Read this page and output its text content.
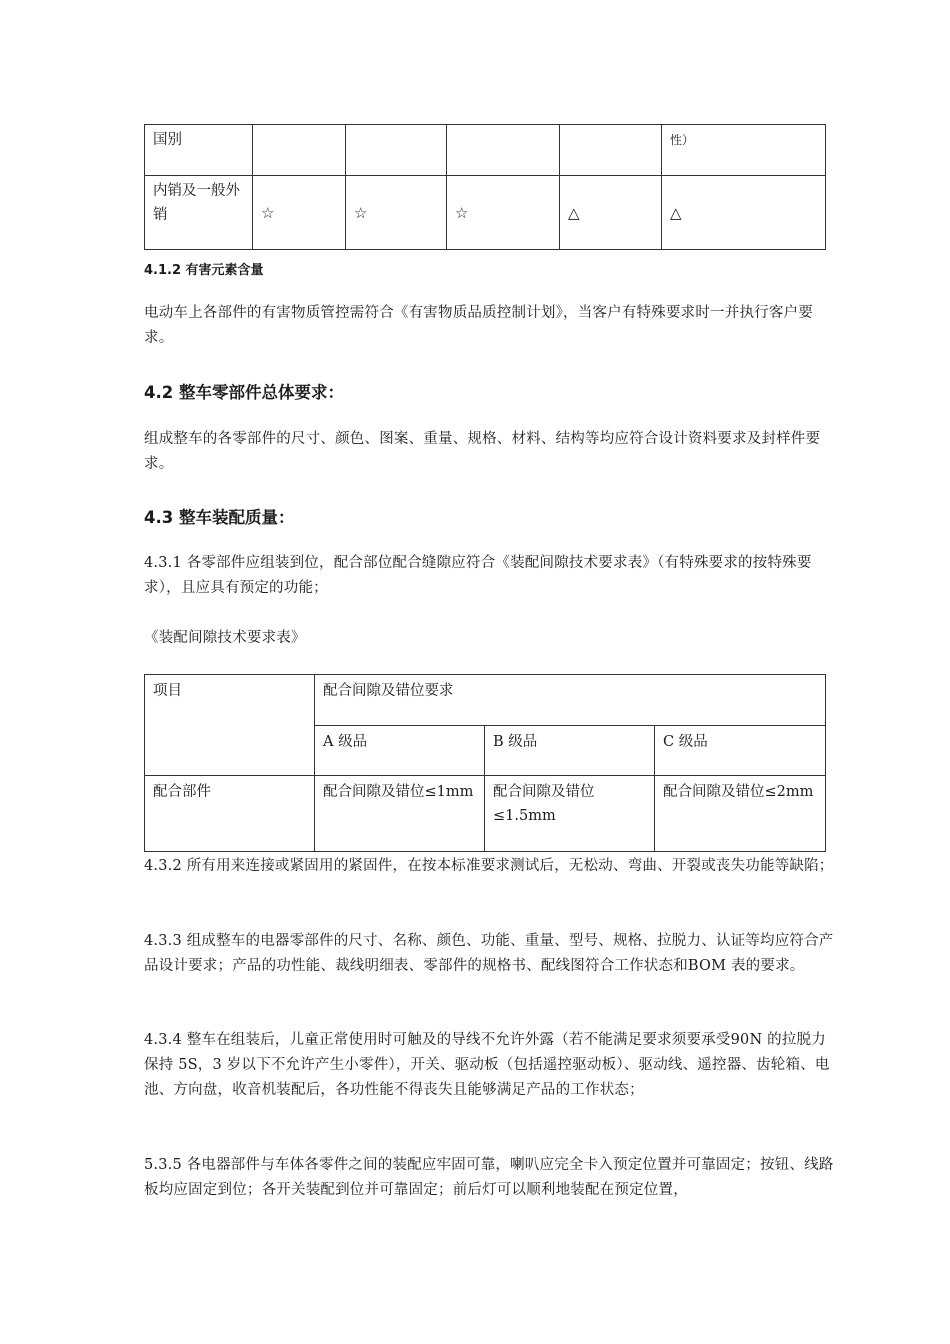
国别					性）
内销及一般外销	☆	☆	☆	△	△
4.1.2 有害元素含量
电动车上各部件的有害物质管控需符合《有害物质品质控制计划》，当客户有特殊要求时一并执行客户要求。
4.2 整车零部件总体要求：
组成整车的各零部件的尺寸、颜色、图案、重量、规格、材料、结构等均应符合设计资料要求及封样件要求。
4.3 整车装配质量：
4.3.1 各零部件应组装到位，配合部位配合缝隙应符合《装配间隙技术要求表》（有特殊要求的按特殊要求），且应具有预定的功能；
《装配间隙技术要求表》
项目	配合间隙及错位要求		
	A 级品	B 级品	C 级品
配合部件	配合间隙及错位≤1mm	配合间隙及错位≤1.5mm	配合间隙及错位≤2mm
4.3.2 所有用来连接或紧固用的紧固件，在按本标准要求测试后，无松动、弯曲、开裂或丧失功能等缺陷；
4.3.3 组成整车的电器零部件的尺寸、名称、颜色、功能、重量、型号、规格、拉脱力、认证等均应符合产品设计要求；产品的功性能、裁线明细表、零部件的规格书、配线图符合工作状态和BOM 表的要求。
4.3.4 整车在组装后，儿童正常使用时可触及的导线不允许外露（若不能满足要求须要承受90N 的拉脱力保持 5S，3 岁以下不允许产生小零件），开关、驱动板（包括遥控驱动板）、驱动线、遥控器、齿轮箱、电池、方向盘，收音机装配后，各功性能不得丧失且能够满足产品的工作状态；
5.3.5 各电器部件与车体各零件之间的装配应牢固可靠，喇叭应完全卡入预定位置并可靠固定；按钮、线路板均应固定到位；各开关装配到位并可靠固定；前后灯可以顺利地装配在预定位置，
